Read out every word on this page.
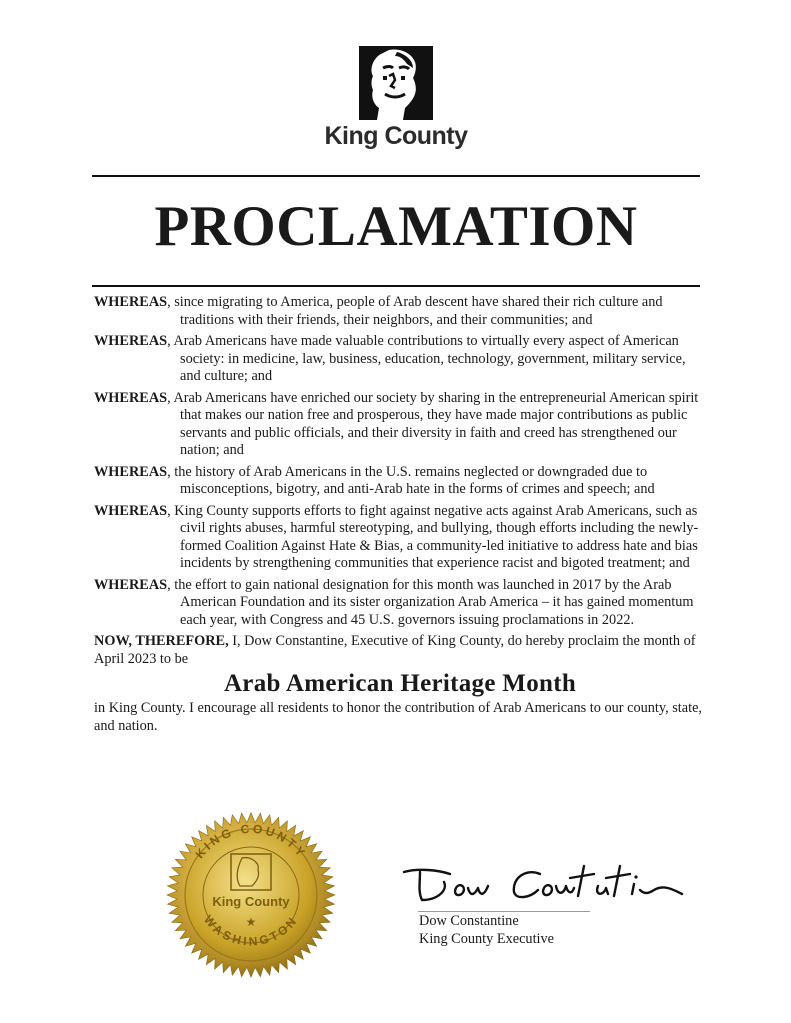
King County
PROCLAMATION

WHEREAS, since migrating to America, people of Arab descent have shared their rich culture and traditions with their friends, their neighbors, and their communities; and

WHEREAS, Arab Americans have made valuable contributions to virtually every aspect of American society: in medicine, law, business, education, technology, government, military service, and culture; and

WHEREAS, Arab Americans have enriched our society by sharing in the entrepreneurial American spirit that makes our nation free and prosperous, they have made major contributions as public servants and public officials, and their diversity in faith and creed has strengthened our nation; and

WHEREAS, the history of Arab Americans in the U.S. remains neglected or downgraded due to misconceptions, bigotry, and anti-Arab hate in the forms of crimes and speech; and

WHEREAS, King County supports efforts to fight against negative acts against Arab Americans, such as civil rights abuses, harmful stereotyping, and bullying, though efforts including the newly-formed Coalition Against Hate & Bias, a community-led initiative to address hate and bias incidents by strengthening communities that experience racist and bigoted treatment; and

WHEREAS, the effort to gain national designation for this month was launched in 2017 by the Arab American Foundation and its sister organization Arab America – it has gained momentum each year, with Congress and 45 U.S. governors issuing proclamations in 2022.

NOW, THEREFORE, I, Dow Constantine, Executive of King County, do hereby proclaim the month of April 2023 to be

Arab American Heritage Month

in King County. I encourage all residents to honor the contribution of Arab Americans to our county, state, and nation.

KING COUNTY
WASHINGTON
King County
★	Dow Constantine
King County Executive
